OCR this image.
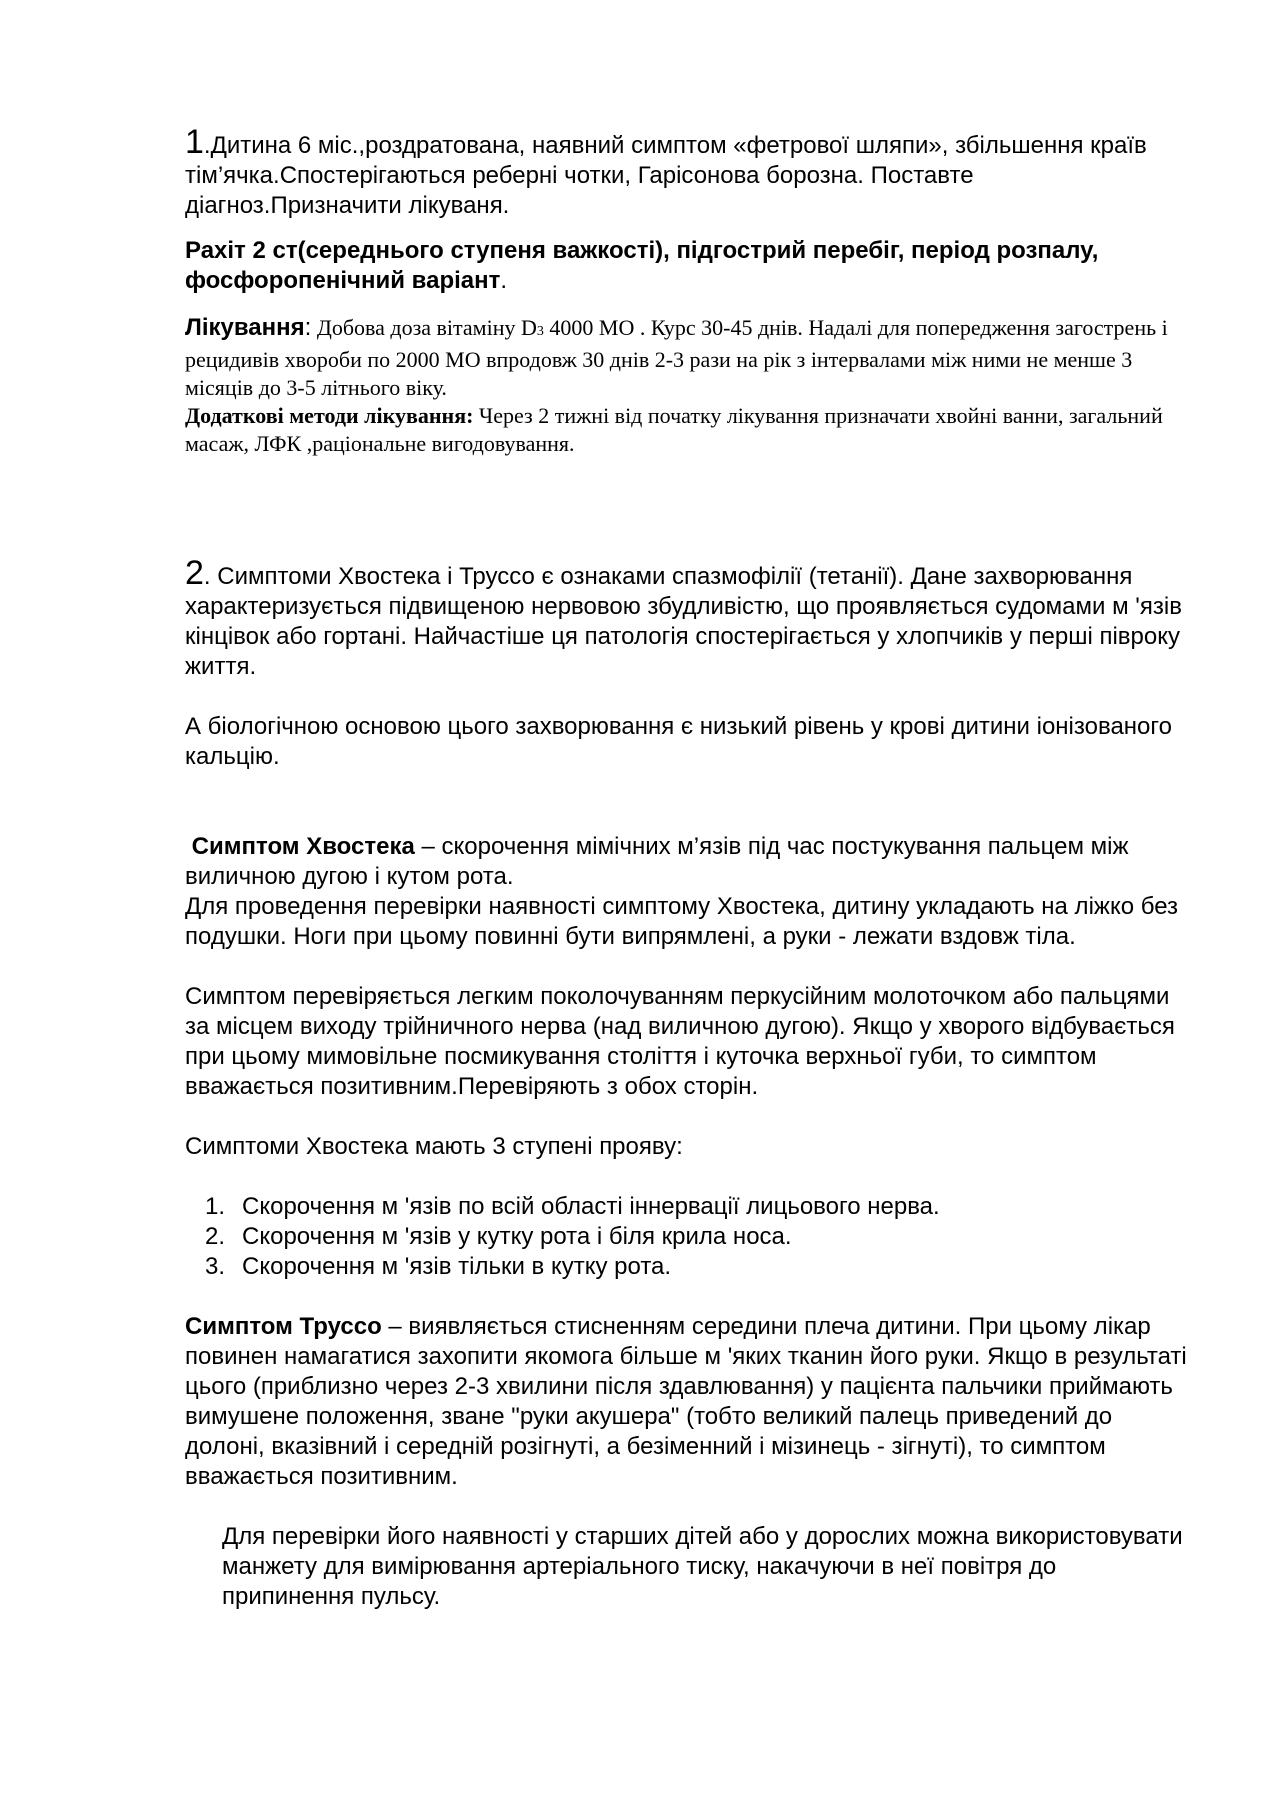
1.Дитина 6 міс.,роздратована, наявний симптом «фетрової шляпи», збільшення країв тім’ячка.Спостерігаються реберні чотки, Гарісонова борозна. Поставте діагноз.Призначити лікуваня.

Рахіт 2 ст(середнього ступеня важкості), підгострий перебіг, період розпалу, фосфоропенічний варіант.

Лікування: Добова доза вітаміну D3 4000 МО . Курс 30-45 днів. Надалі для попередження загострень і рецидивів хвороби по 2000 МО впродовж 30 днів 2-3 рази на рік з інтервалами між ними не менше 3 місяців до 3-5 літнього віку.

Додаткові методи лікування: Через 2 тижні від початку лікування призначати хвойні ванни, загальний масаж, ЛФК ,раціональне вигодовування.

2. Симптоми Хвостека і Труссо є ознаками спазмофілії (тетанії). Дане захворювання характеризується підвищеною нервовою збудливістю, що проявляється судомами м 'язів кінцівок або гортані. Найчастіше ця патологія спостерігається у хлопчиків у перші півроку життя.

А біологічною основою цього захворювання є низький рівень у крові дитини іонізованого кальцію.

Симптом Хвостека – скорочення мімічних м’язів під час постукування пальцем між виличною дугою і кутом рота.

Для проведення перевірки наявності симптому Хвостека, дитину укладають на ліжко без подушки. Ноги при цьому повинні бути випрямлені, а руки - лежати вздовж тіла.

Симптом перевіряється легким поколочуванням перкусійним молоточком або пальцями за місцем виходу трійничного нерва (над виличною дугою). Якщо у хворого відбувається при цьому мимовільне посмикування століття і куточка верхньої губи, то симптом вважається позитивним.Перевіряють з обох сторін.

Симптоми Хвостека мають 3 ступені прояву:

1. Скорочення м 'язів по всій області іннервації лицьового нерва.
2. Скорочення м 'язів у кутку рота і біля крила носа.
3. Скорочення м 'язів тільки в кутку рота.

Симптом Труссо – виявляється стисненням середини плеча дитини. При цьому лікар повинен намагатися захопити якомога більше м 'яких тканин його руки. Якщо в результаті цього (приблизно через 2-3 хвилини після здавлювання) у пацієнта пальчики приймають вимушене положення, зване "руки акушера" (тобто великий палець приведений до долоні, вказівний і середній розігнуті, а безіменний і мізинець - зігнуті), то симптом вважається позитивним.

Для перевірки його наявності у старших дітей або у дорослих можна використовувати манжету для вимірювання артеріального тиску, накачуючи в неї повітря до припинення пульсу.
